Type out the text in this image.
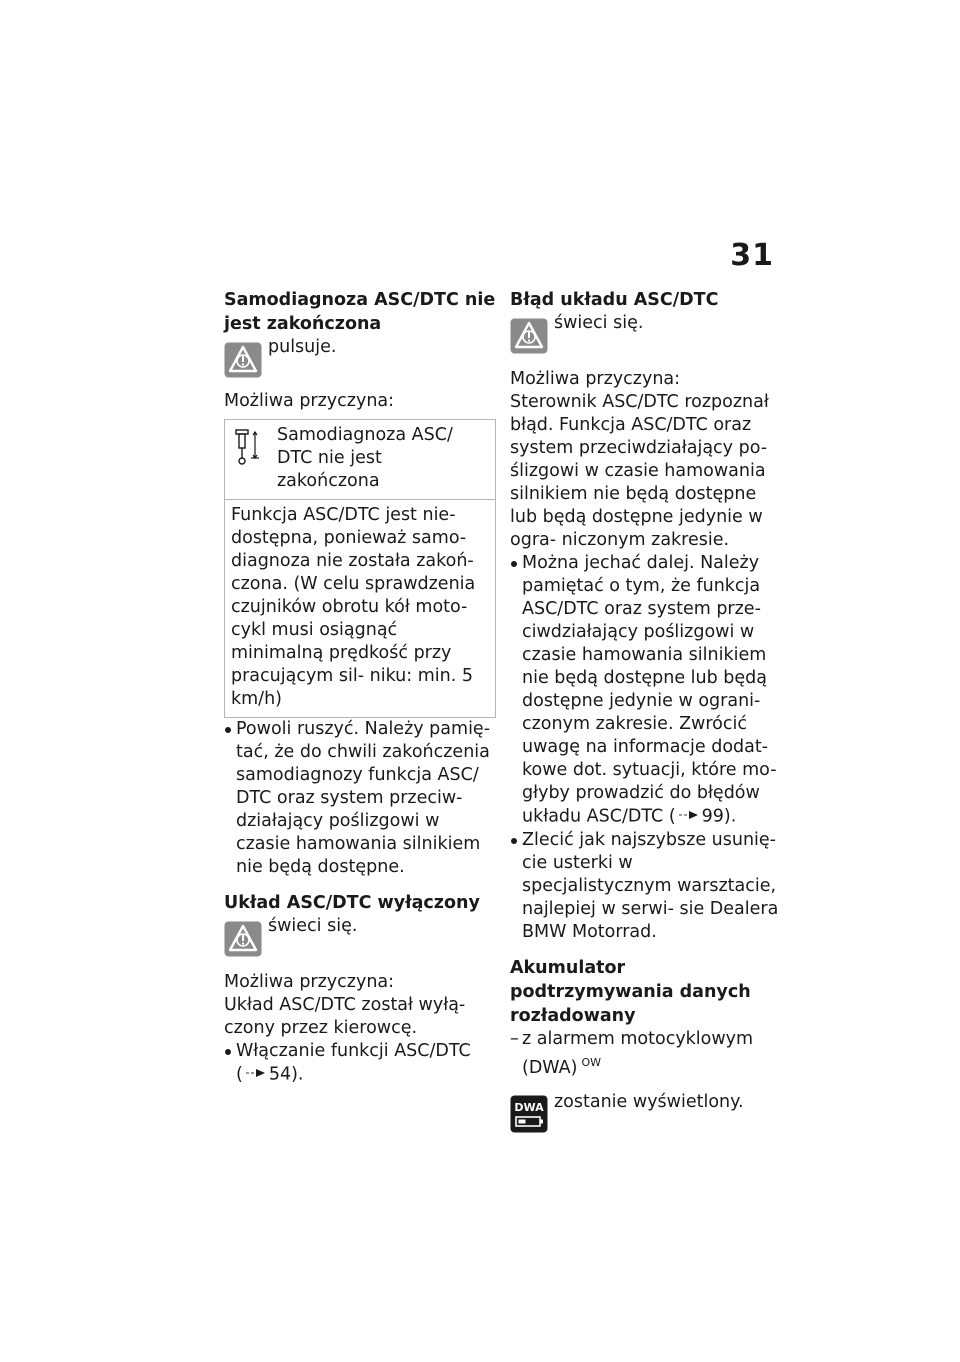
31
Samodiagnoza ASC/DTC nie jest zakończona
pulsuje.

Możliwa przyczyna:

Samodiagnoza ASC/ DTC nie jest zakończona
Funkcja ASC/DTC jest nie- dostępna, ponieważ samo- diagnoza nie została zakoń- czona. (W celu sprawdzenia czujników obrotu kół moto- cykl musi osiągnąć minimalną prędkość przy pracującym sil- niku: min. 5 km/h)
Powoli ruszyć. Należy pamię- tać, że do chwili zakończenia samodiagnozy funkcja ASC/ DTC oraz system przeciw- działający poślizgowi w czasie hamowania silnikiem nie będą dostępne.
Układ ASC/DTC wyłączony
świeci się.

Możliwa przyczyna:

Układ ASC/DTC został wyłą- czony przez kierowcę.

Włączanie funkcji ASC/DTC
( 54).
Błąd układu ASC/DTC
świeci się.

Możliwa przyczyna:

Sterownik ASC/DTC rozpoznał błąd. Funkcja ASC/DTC oraz system przeciwdziałający po- ślizgowi w czasie hamowania silnikiem nie będą dostępne lub będą dostępne jedynie w ogra- niczonym zakresie.

Można jechać dalej. Należy pamiętać o tym, że funkcja ASC/DTC oraz system prze- ciwdziałający poślizgowi w czasie hamowania silnikiem nie będą dostępne lub będą dostępne jedynie w ograni- czonym zakresie. Zwrócić uwagę na informacje dodat- kowe dot. sytuacji, które mo- głyby prowadzić do błędów układu ASC/DTC ( 99).
Zlecić jak najszybsze usunię- cie usterki w specjalistycznym warsztacie, najlepiej w serwi- sie Dealera BMW Motorrad.
Akumulator podtrzymywania danych rozładowany
– z alarmem motocyklowym (DWA) $^{OW}$
DWA zostanie wyświetlony.
